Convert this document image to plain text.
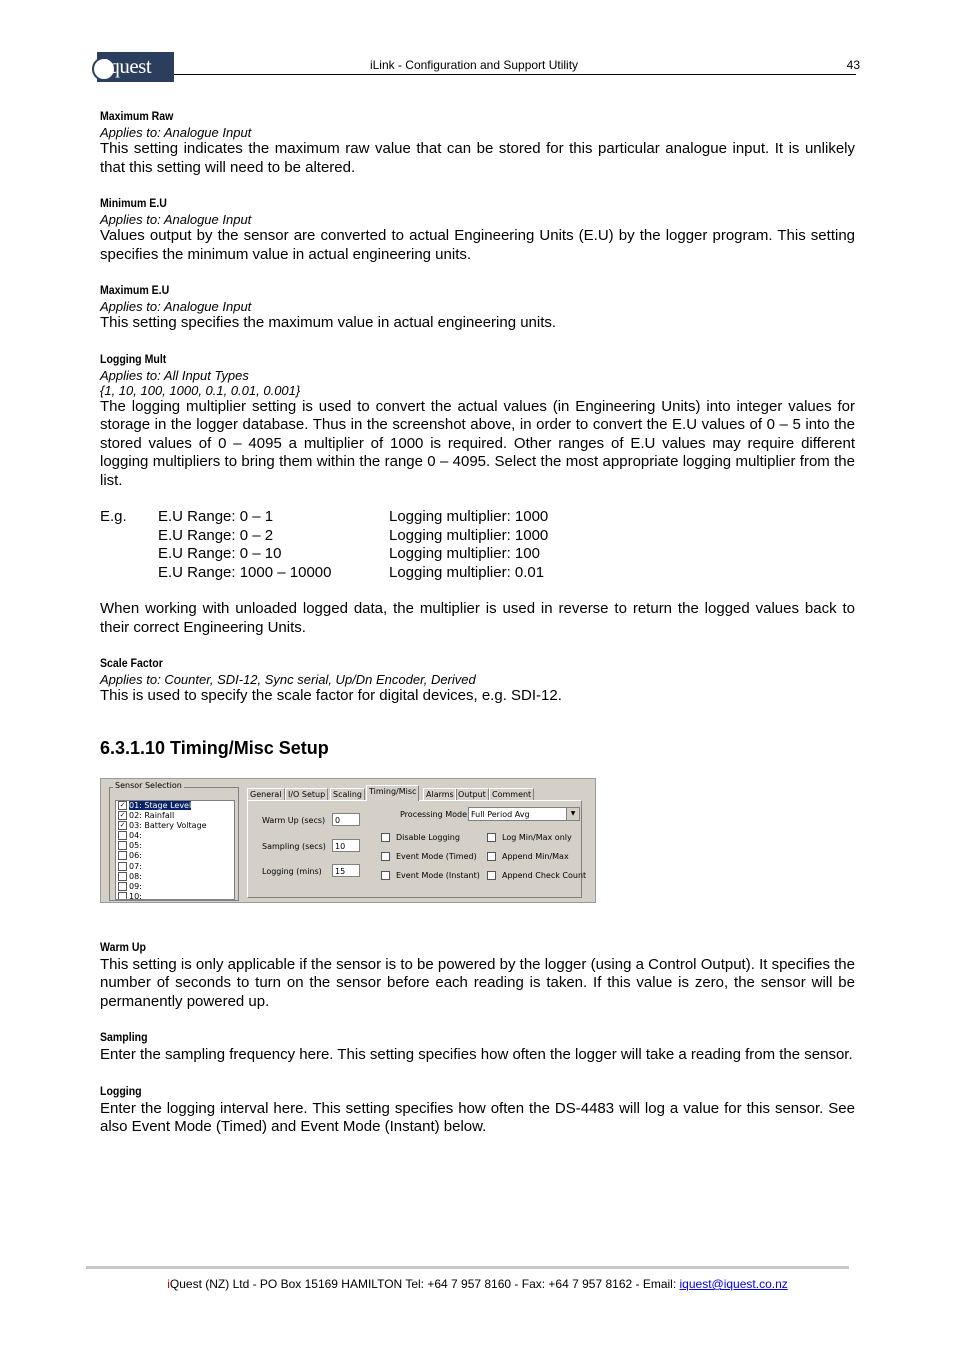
iquest	iLink - Configuration and Support Utility	43

Maximum Raw

Applies to: Analogue Input

This setting indicates the maximum raw value that can be stored for this particular analogue input. It is unlikely that this setting will need to be altered.

Minimum E.U

Applies to: Analogue Input

Values output by the sensor are converted to actual Engineering Units (E.U) by the logger program. This setting specifies the minimum value in actual engineering units.

Maximum E.U

Applies to: Analogue Input

This setting specifies the maximum value in actual engineering units.

Logging Mult

Applies to: All Input Types

{1, 10, 100, 1000, 0.1, 0.01, 0.001}

The logging multiplier setting is used to convert the actual values (in Engineering Units) into integer values for storage in the logger database. Thus in the screenshot above, in order to convert the E.U values of 0 – 5 into the stored values of 0 – 4095 a multiplier of 1000 is required. Other ranges of E.U values may require different logging multipliers to bring them within the range 0 – 4095. Select the most appropriate logging multiplier from the list.

E.g. E.U Range: 0 – 1	Logging multiplier: 1000
E.U Range: 0 – 2	Logging multiplier: 1000
E.U Range: 0 – 10	Logging multiplier: 100
E.U Range: 1000 – 10000	Logging multiplier: 0.01

When working with unloaded logged data, the multiplier is used in reverse to return the logged values back to their correct Engineering Units.

Scale Factor

Applies to: Counter, SDI-12, Sync serial, Up/Dn Encoder, Derived

This is used to specify the scale factor for digital devices, e.g. SDI-12.

6.3.1.10 Timing/Misc Setup

Sensor Selection
✓ 01: Stage Level
✓ 02: Rainfall
✓ 03: Battery Voltage
04:
05:
06:
07:
08:
09:
10:
General I/O Setup Scaling Timing/Misc	Alarms Output Comment
Warm Up (secs)	0
Sampling (secs)	10
Logging (mins)	15
Processing Mode Full Period Avg	▼
Disable Logging
Event Mode (Timed)
Event Mode (Instant)
Log Min/Max only
Append Min/Max
Append Check Count

Warm Up

This setting is only applicable if the sensor is to be powered by the logger (using a Control Output). It specifies the number of seconds to turn on the sensor before each reading is taken. If this value is zero, the sensor will be permanently powered up.

Sampling

Enter the sampling frequency here. This setting specifies how often the logger will take a reading from the sensor.

Logging

Enter the logging interval here. This setting specifies how often the DS-4483 will log a value for this sensor. See also Event Mode (Timed) and Event Mode (Instant) below.

iQuest (NZ) Ltd - PO Box 15169 HAMILTON Tel: +64 7 957 8160 - Fax: +64 7 957 8162 - Email: iquest@iquest.co.nz
